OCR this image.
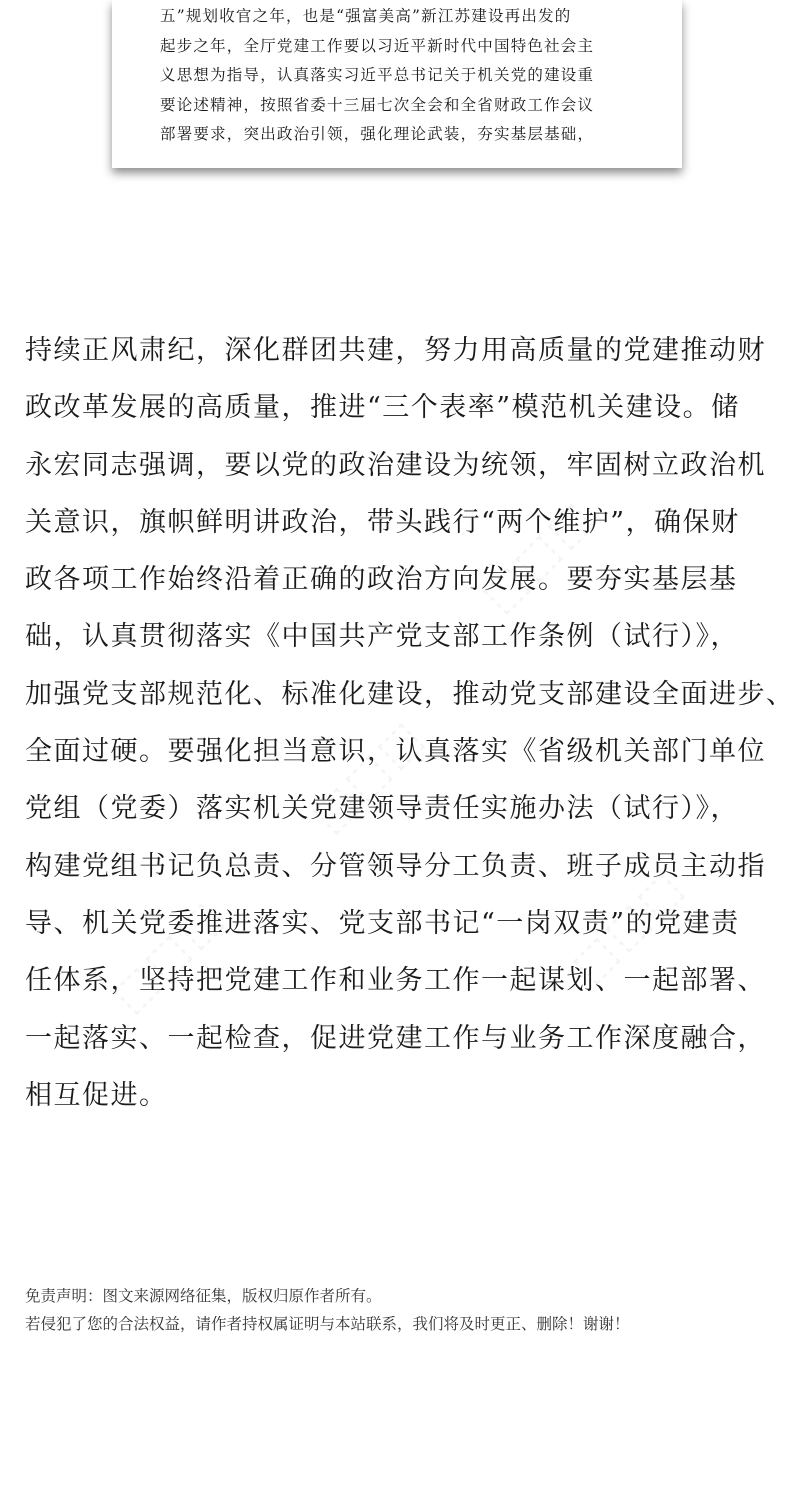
五”规划收官之年，也是“强富美高”新江苏建设再出发的
起步之年，全厅党建工作要以习近平新时代中国特色社会主
义思想为指导，认真落实习近平总书记关于机关党的建设重
要论述精神，按照省委十三届七次全会和全省财政工作会议
部署要求，突出政治引领，强化理论武装，夯实基层基础，
持续正风肃纪，深化群团共建，努力用高质量的党建推动财
政改革发展的高质量，推进“三个表率”模范机关建设。储
永宏同志强调，要以党的政治建设为统领，牢固树立政治机
关意识，旗帜鲜明讲政治，带头践行“两个维护”，确保财
政各项工作始终沿着正确的政治方向发展。要夯实基层基
础，认真贯彻落实《中国共产党支部工作条例（试行）》，
加强党支部规范化、标准化建设，推动党支部建设全面进步、
全面过硬。要强化担当意识，认真落实《省级机关部门单位
党组（党委）落实机关党建领导责任实施办法（试行）》，
构建党组书记负总责、分管领导分工负责、班子成员主动指
导、机关党委推进落实、党支部书记“一岗双责”的党建责
任体系，坚持把党建工作和业务工作一起谋划、一起部署、
一起落实、一起检查，促进党建工作与业务工作深度融合，
相互促进。
免责声明：图文来源网络征集，版权归原作者所有。
若侵犯了您的合法权益，请作者持权属证明与本站联系，我们将及时更正、删除！谢谢！
⬚⬚⬚
⬚⬚⬚
⬚⬚⬚	⬚⬚⬚
